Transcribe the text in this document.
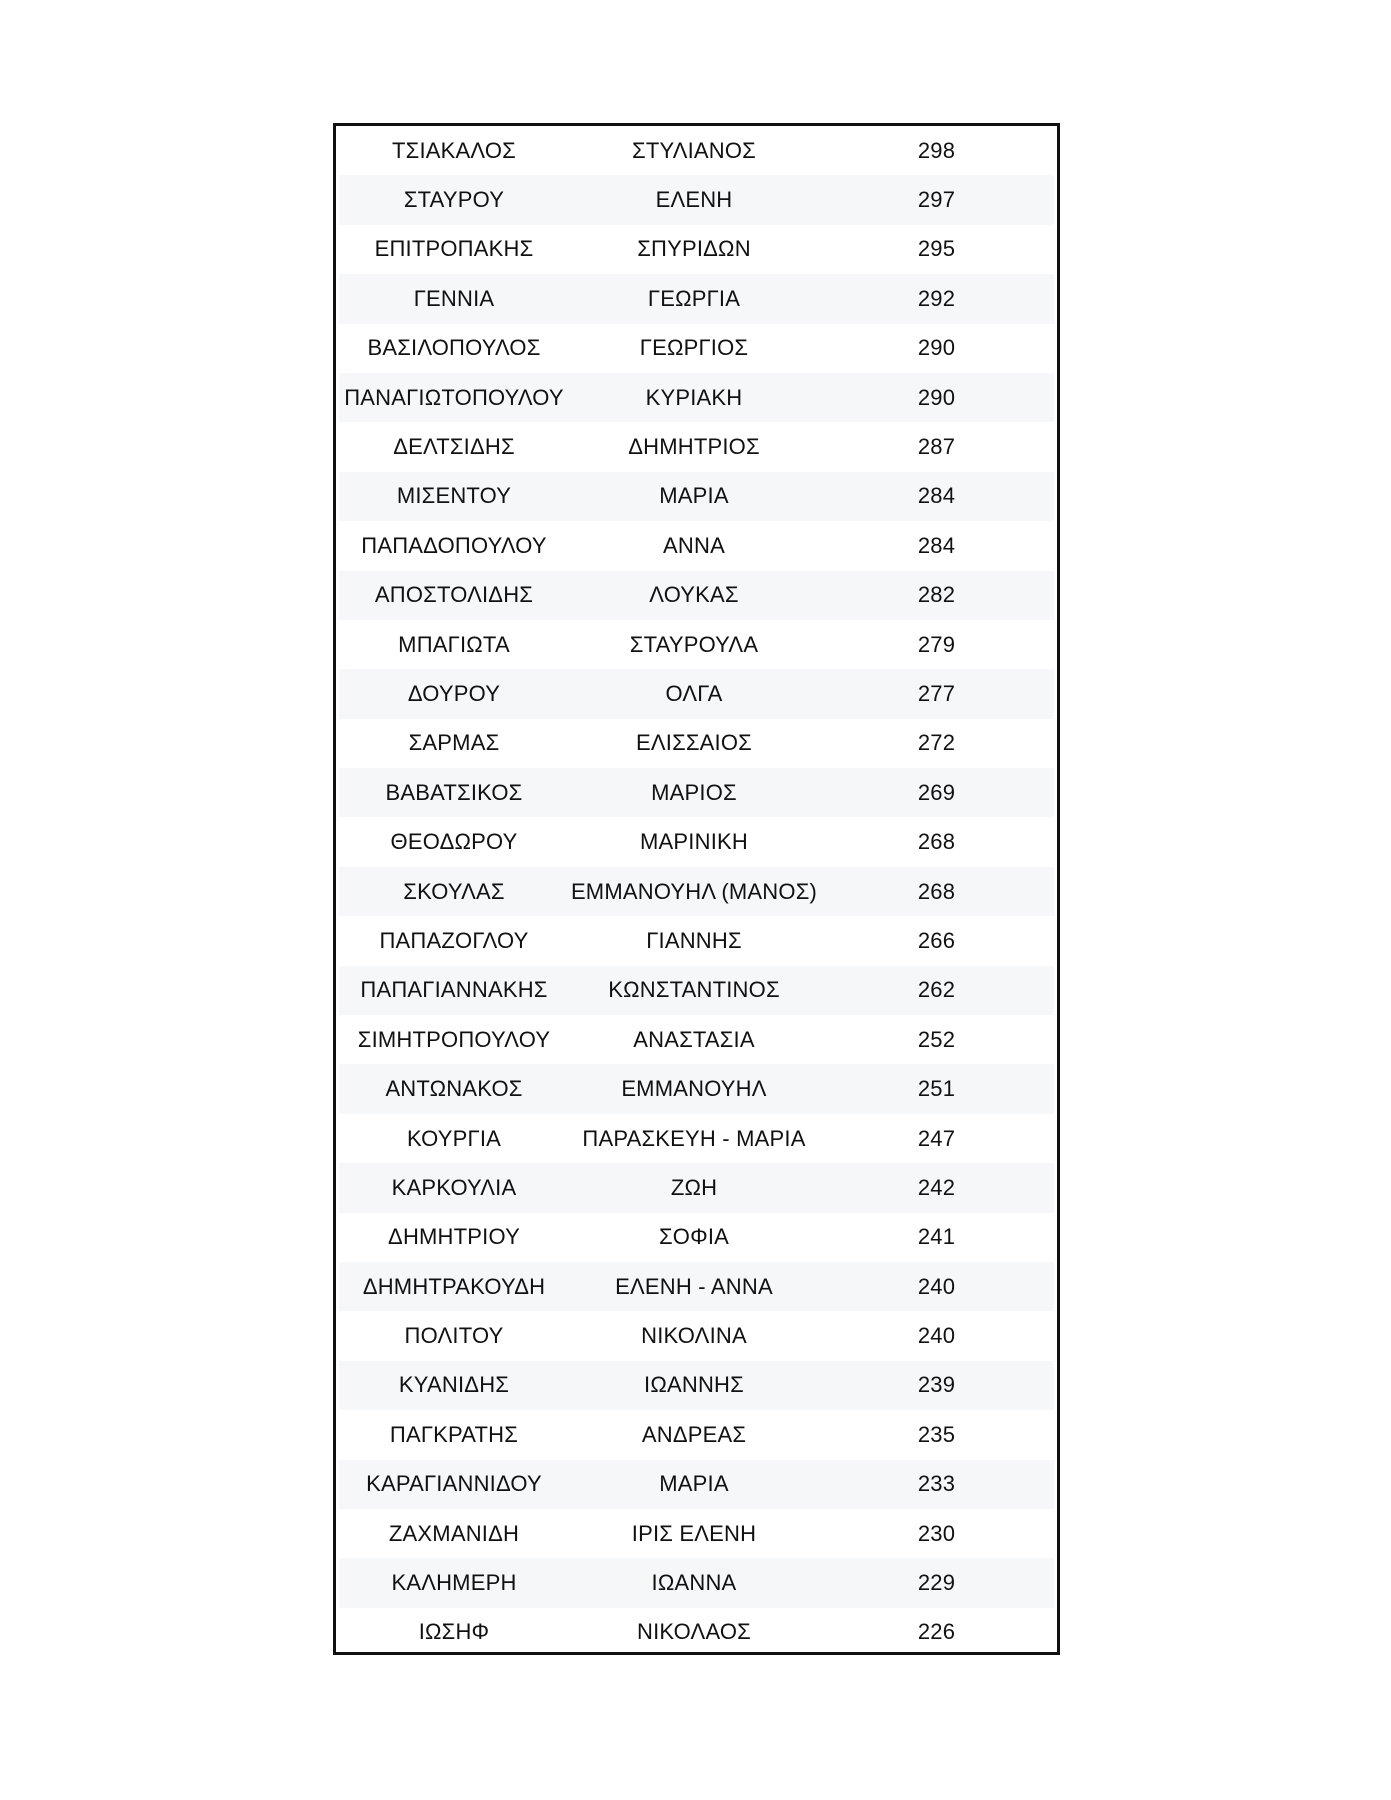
ΤΣΙΑΚΑΛΟΣ	ΣΤΥΛΙΑΝΟΣ	298
ΣΤΑΥΡΟΥ	ΕΛΕΝΗ	297
ΕΠΙΤΡΟΠΑΚΗΣ	ΣΠΥΡΙΔΩΝ	295
ΓΕΝΝΙΑ	ΓΕΩΡΓΙΑ	292
ΒΑΣΙΛΟΠΟΥΛΟΣ	ΓΕΩΡΓΙΟΣ	290
ΠΑΝΑΓΙΩΤΟΠΟΥΛΟΥ	ΚΥΡΙΑΚΗ	290
ΔΕΛΤΣΙΔΗΣ	ΔΗΜΗΤΡΙΟΣ	287
ΜΙΣΕΝΤΟΥ	ΜΑΡΙΑ	284
ΠΑΠΑΔΟΠΟΥΛΟΥ	ΑΝΝΑ	284
ΑΠΟΣΤΟΛΙΔΗΣ	ΛΟΥΚΑΣ	282
ΜΠΑΓΙΩΤΑ	ΣΤΑΥΡΟΥΛΑ	279
ΔΟΥΡΟΥ	ΟΛΓΑ	277
ΣΑΡΜΑΣ	ΕΛΙΣΣΑΙΟΣ	272
ΒΑΒΑΤΣΙΚΟΣ	ΜΑΡΙΟΣ	269
ΘΕΟΔΩΡΟΥ	ΜΑΡΙΝΙΚΗ	268
ΣΚΟΥΛΑΣ	ΕΜΜΑΝΟΥΗΛ (ΜΑΝΟΣ)	268
ΠΑΠΑΖΟΓΛΟΥ	ΓΙΑΝΝΗΣ	266
ΠΑΠΑΓΙΑΝΝΑΚΗΣ	ΚΩΝΣΤΑΝΤΙΝΟΣ	262
ΣΙΜΗΤΡΟΠΟΥΛΟΥ	ΑΝΑΣΤΑΣΙΑ	252
ΑΝΤΩΝΑΚΟΣ	ΕΜΜΑΝΟΥΗΛ	251
ΚΟΥΡΓΙΑ	ΠΑΡΑΣΚΕΥΗ - ΜΑΡΙΑ	247
ΚΑΡΚΟΥΛΙΑ	ΖΩΗ	242
ΔΗΜΗΤΡΙΟΥ	ΣΟΦΙΑ	241
ΔΗΜΗΤΡΑΚΟΥΔΗ	ΕΛΕΝΗ - ΑΝΝΑ	240
ΠΟΛΙΤΟΥ	ΝΙΚΟΛΙΝΑ	240
ΚΥΑΝΙΔΗΣ	ΙΩΑΝΝΗΣ	239
ΠΑΓΚΡΑΤΗΣ	ΑΝΔΡΕΑΣ	235
ΚΑΡΑΓΙΑΝΝΙΔΟΥ	ΜΑΡΙΑ	233
ΖΑΧΜΑΝΙΔΗ	ΙΡΙΣ ΕΛΕΝΗ	230
ΚΑΛΗΜΕΡΗ	ΙΩΑΝΝΑ	229
ΙΩΣΗΦ	ΝΙΚΟΛΑΟΣ	226
